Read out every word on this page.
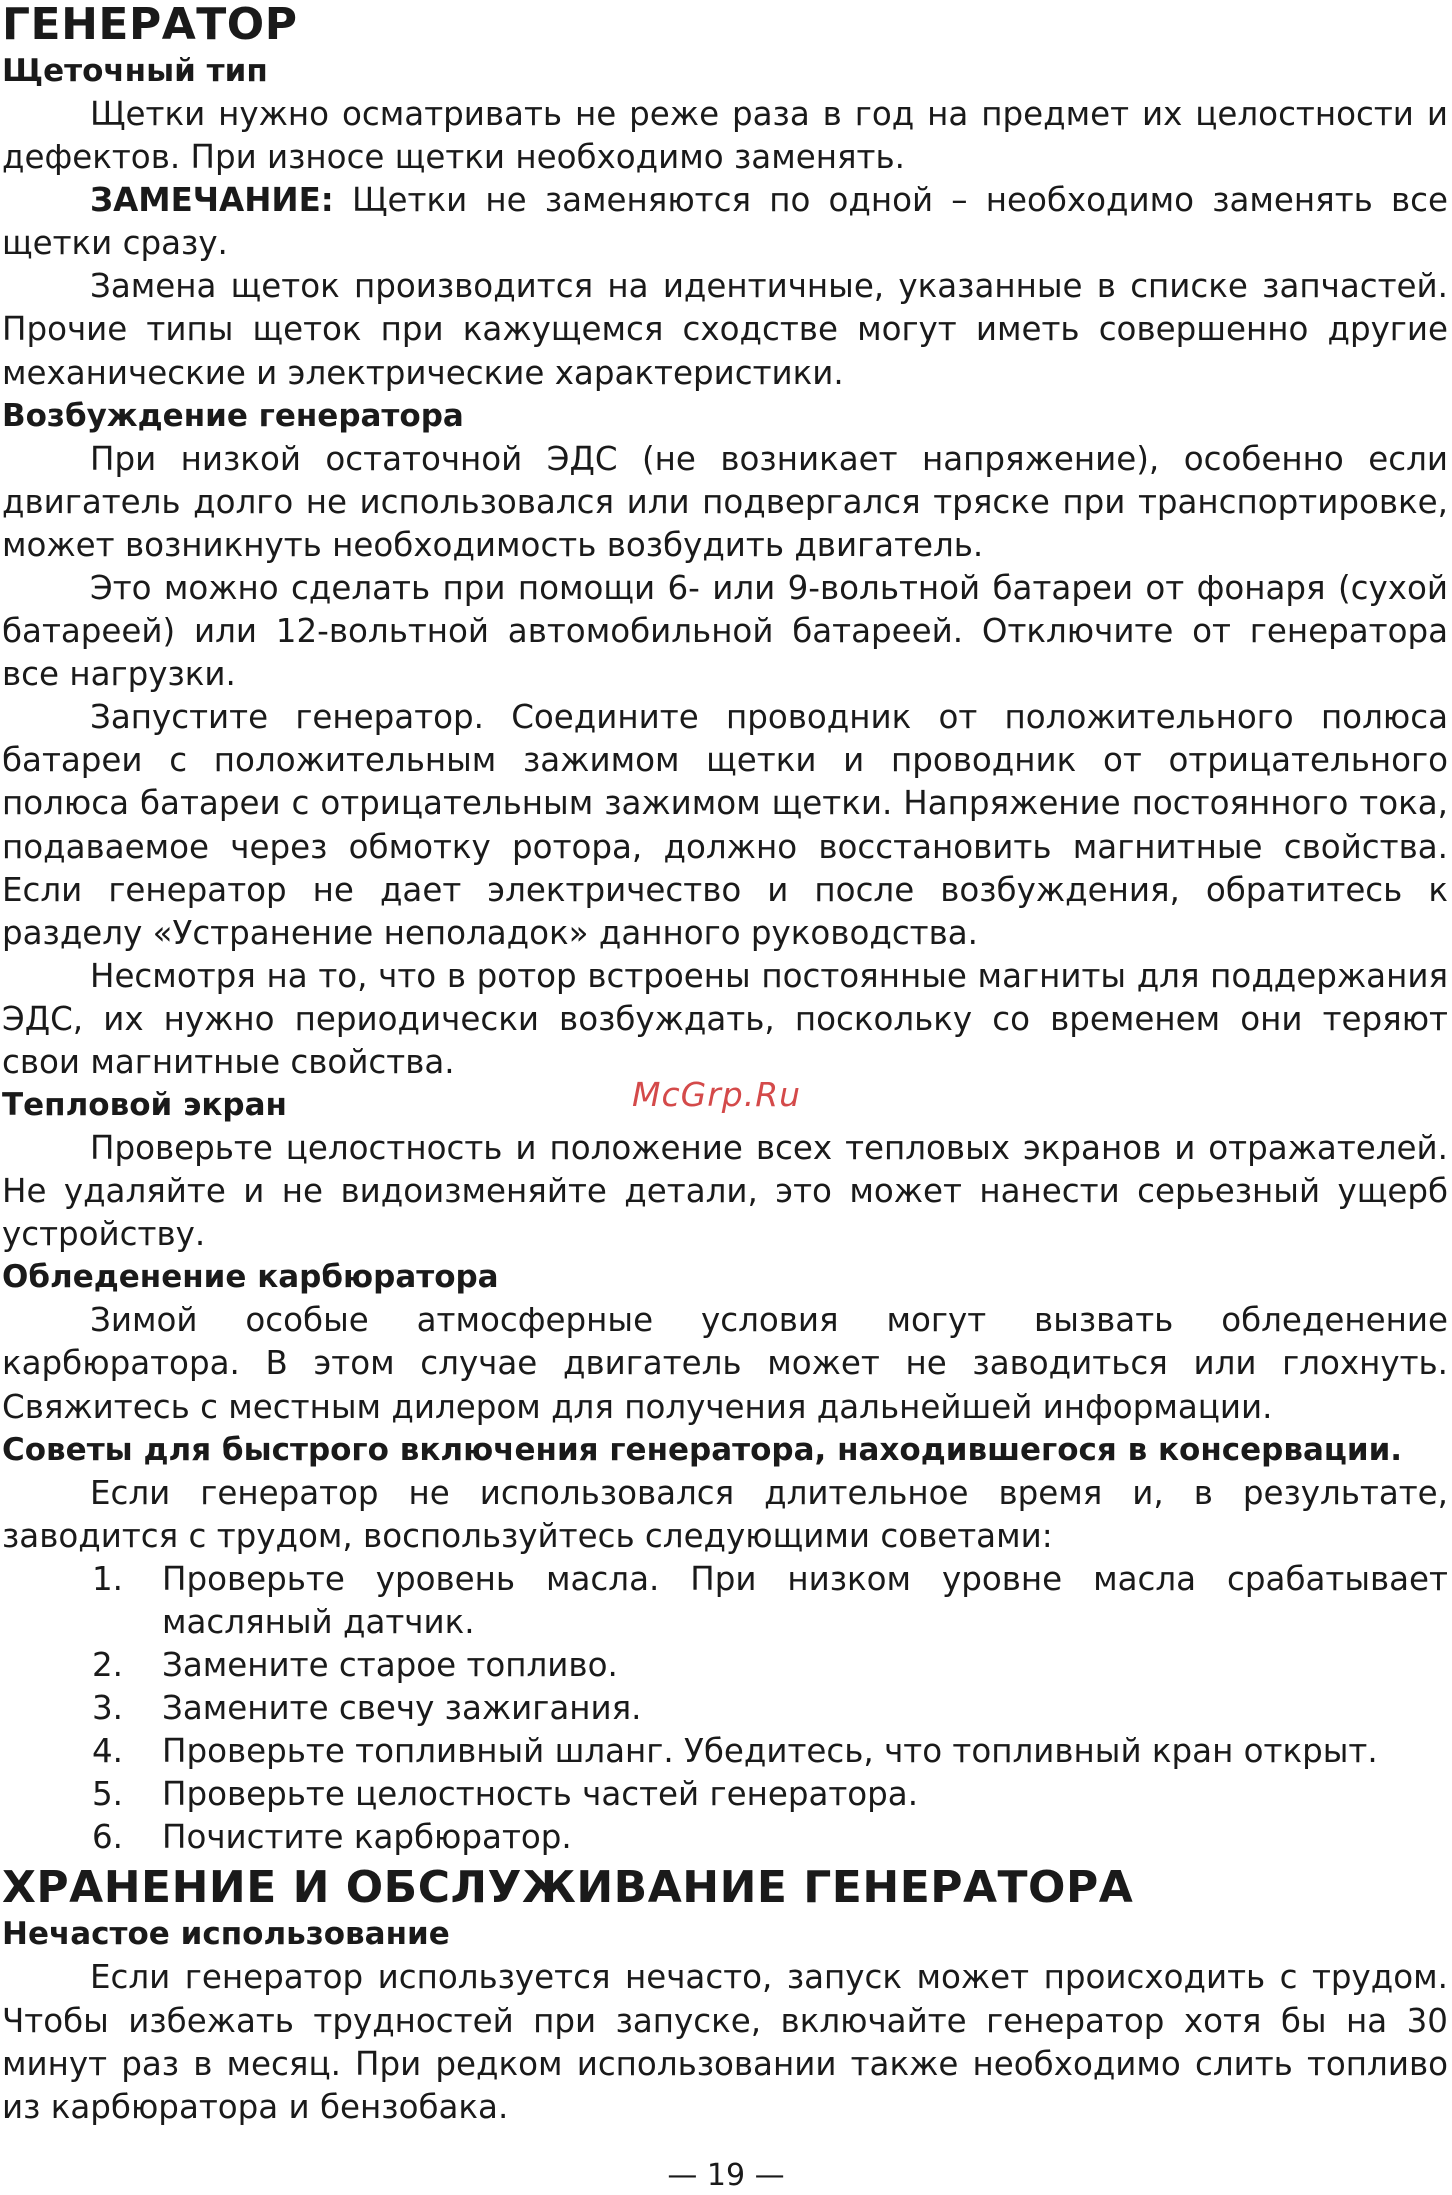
ГЕНЕРАТОР
Щеточный тип

Щетки нужно осматривать не реже раза в год на предмет их целостности и дефектов. При износе щетки необходимо заменять.

ЗАМЕЧАНИЕ: Щетки не заменяются по одной – необходимо заменять все щетки сразу.

Замена щеток производится на идентичные, указанные в списке запчастей. Прочие типы щеток при кажущемся сходстве могут иметь совершенно другие механические и электрические характеристики.

Возбуждение генератора

При низкой остаточной ЭДС (не возникает напряжение), особенно если двигатель долго не использовался или подвергался тряске при транспортировке, может возникнуть необходимость возбудить двигатель.

Это можно сделать при помощи 6- или 9-вольтной батареи от фонаря (сухой батареей) или 12-вольтной автомобильной батареей. Отключите от генератора все нагрузки.

Запустите генератор. Соедините проводник от положительного полюса батареи с положительным зажимом щетки и проводник от отрицательного полюса батареи с отрицательным зажимом щетки. Напряжение постоянного тока, подаваемое через обмотку ротора, должно восстановить магнитные свойства. Если генератор не дает электричество и после возбуждения, обратитесь к разделу «Устранение неполадок» данного руководства.

Несмотря на то, что в ротор встроены постоянные магниты для поддержания ЭДС, их нужно периодически возбуждать, поскольку со временем они теряют свои магнитные свойства.

Тепловой экран

Проверьте целостность и положение всех тепловых экранов и отражателей. Не удаляйте и не видоизменяйте детали, это может нанести серьезный ущерб устройству.

Обледенение карбюратора

Зимой особые атмосферные условия могут вызвать обледенение карбюратора. В этом случае двигатель может не заводиться или глохнуть. Свяжитесь с местным дилером для получения дальнейшей информации.

Советы для быстрого включения генератора, находившегося в консервации.

Если генератор не использовался длительное время и, в результате, заводится с трудом, воспользуйтесь следующими советами:

1. Проверьте уровень масла. При низком уровне масла срабатывает масляный датчик.
2. Замените старое топливо.
3. Замените свечу зажигания.
4. Проверьте топливный шланг. Убедитесь, что топливный кран открыт.
5. Проверьте целостность частей генератора.
6. Почистите карбюратор.
ХРАНЕНИЕ И ОБСЛУЖИВАНИЕ ГЕНЕРАТОРА
Нечастое использование

Если генератор используется нечасто, запуск может происходить с трудом. Чтобы избежать трудностей при запуске, включайте генератор хотя бы на 30 минут раз в месяц. При редком использовании также необходимо слить топливо из карбюратора и бензобака.

McGrp.Ru
— 19 —
